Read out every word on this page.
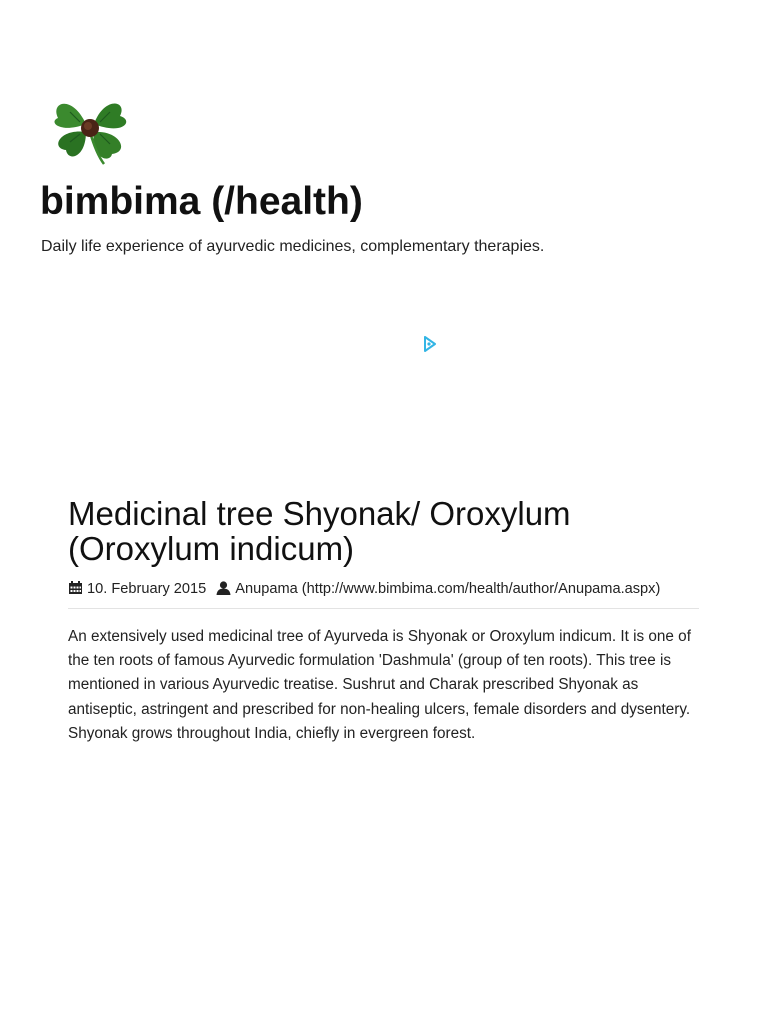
bimbima (/health)

Daily life experience of ayurvedic medicines, complementary therapies.

Medicinal tree Shyonak/ Oroxylum (Oroxylum indicum)
10. February 2015 Anupama (http://www.bimbima.com/health/author/Anupama.aspx)

An extensively used medicinal tree of Ayurveda is Shyonak or Oroxylum indicum. It is one of the ten roots of famous Ayurvedic formulation 'Dashmula' (group of ten roots). This tree is mentioned in various Ayurvedic treatise. Sushrut and Charak prescribed Shyonak as antiseptic, astringent and prescribed for non-healing ulcers, female disorders and dysentery. Shyonak grows throughout India, chiefly in evergreen forest.
